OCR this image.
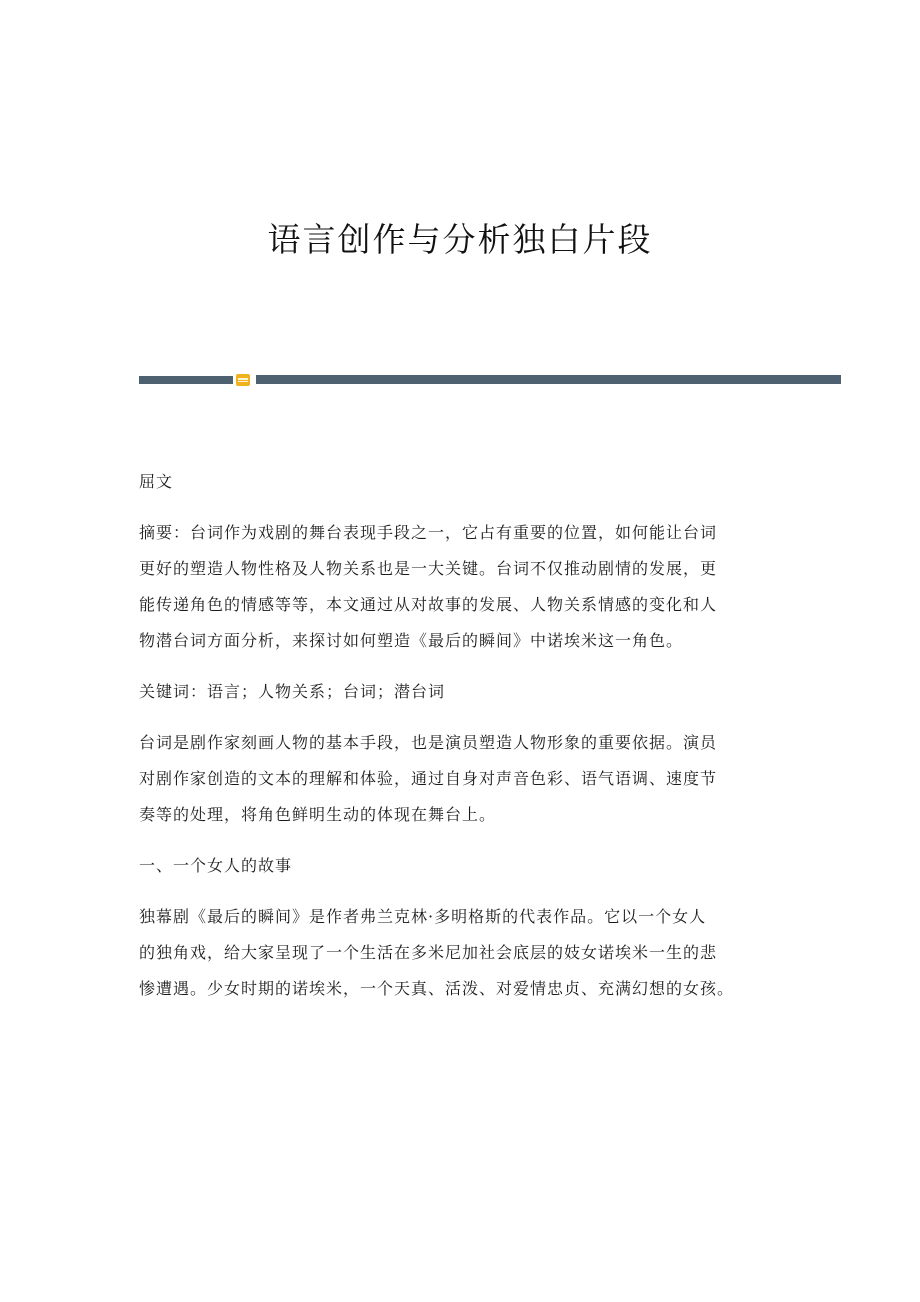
语言创作与分析独白片段

屈文

摘要：台词作为戏剧的舞台表现手段之一，它占有重要的位置，如何能让台词
更好的塑造人物性格及人物关系也是一大关键。台词不仅推动剧情的发展，更
能传递角色的情感等等，本文通过从对故事的发展、人物关系情感的变化和人
物潜台词方面分析，来探讨如何塑造《最后的瞬间》中诺埃米这一角色。

关键词：语言；人物关系；台词；潜台词

台词是剧作家刻画人物的基本手段，也是演员塑造人物形象的重要依据。演员
对剧作家创造的文本的理解和体验，通过自身对声音色彩、语气语调、速度节
奏等的处理，将角色鲜明生动的体现在舞台上。

一、一个女人的故事

独幕剧《最后的瞬间》是作者弗兰克林·多明格斯的代表作品。它以一个女人
的独角戏，给大家呈现了一个生活在多米尼加社会底层的妓女诺埃米一生的悲
惨遭遇。少女时期的诺埃米，一个天真、活泼、对爱情忠贞、充满幻想的女孩。
